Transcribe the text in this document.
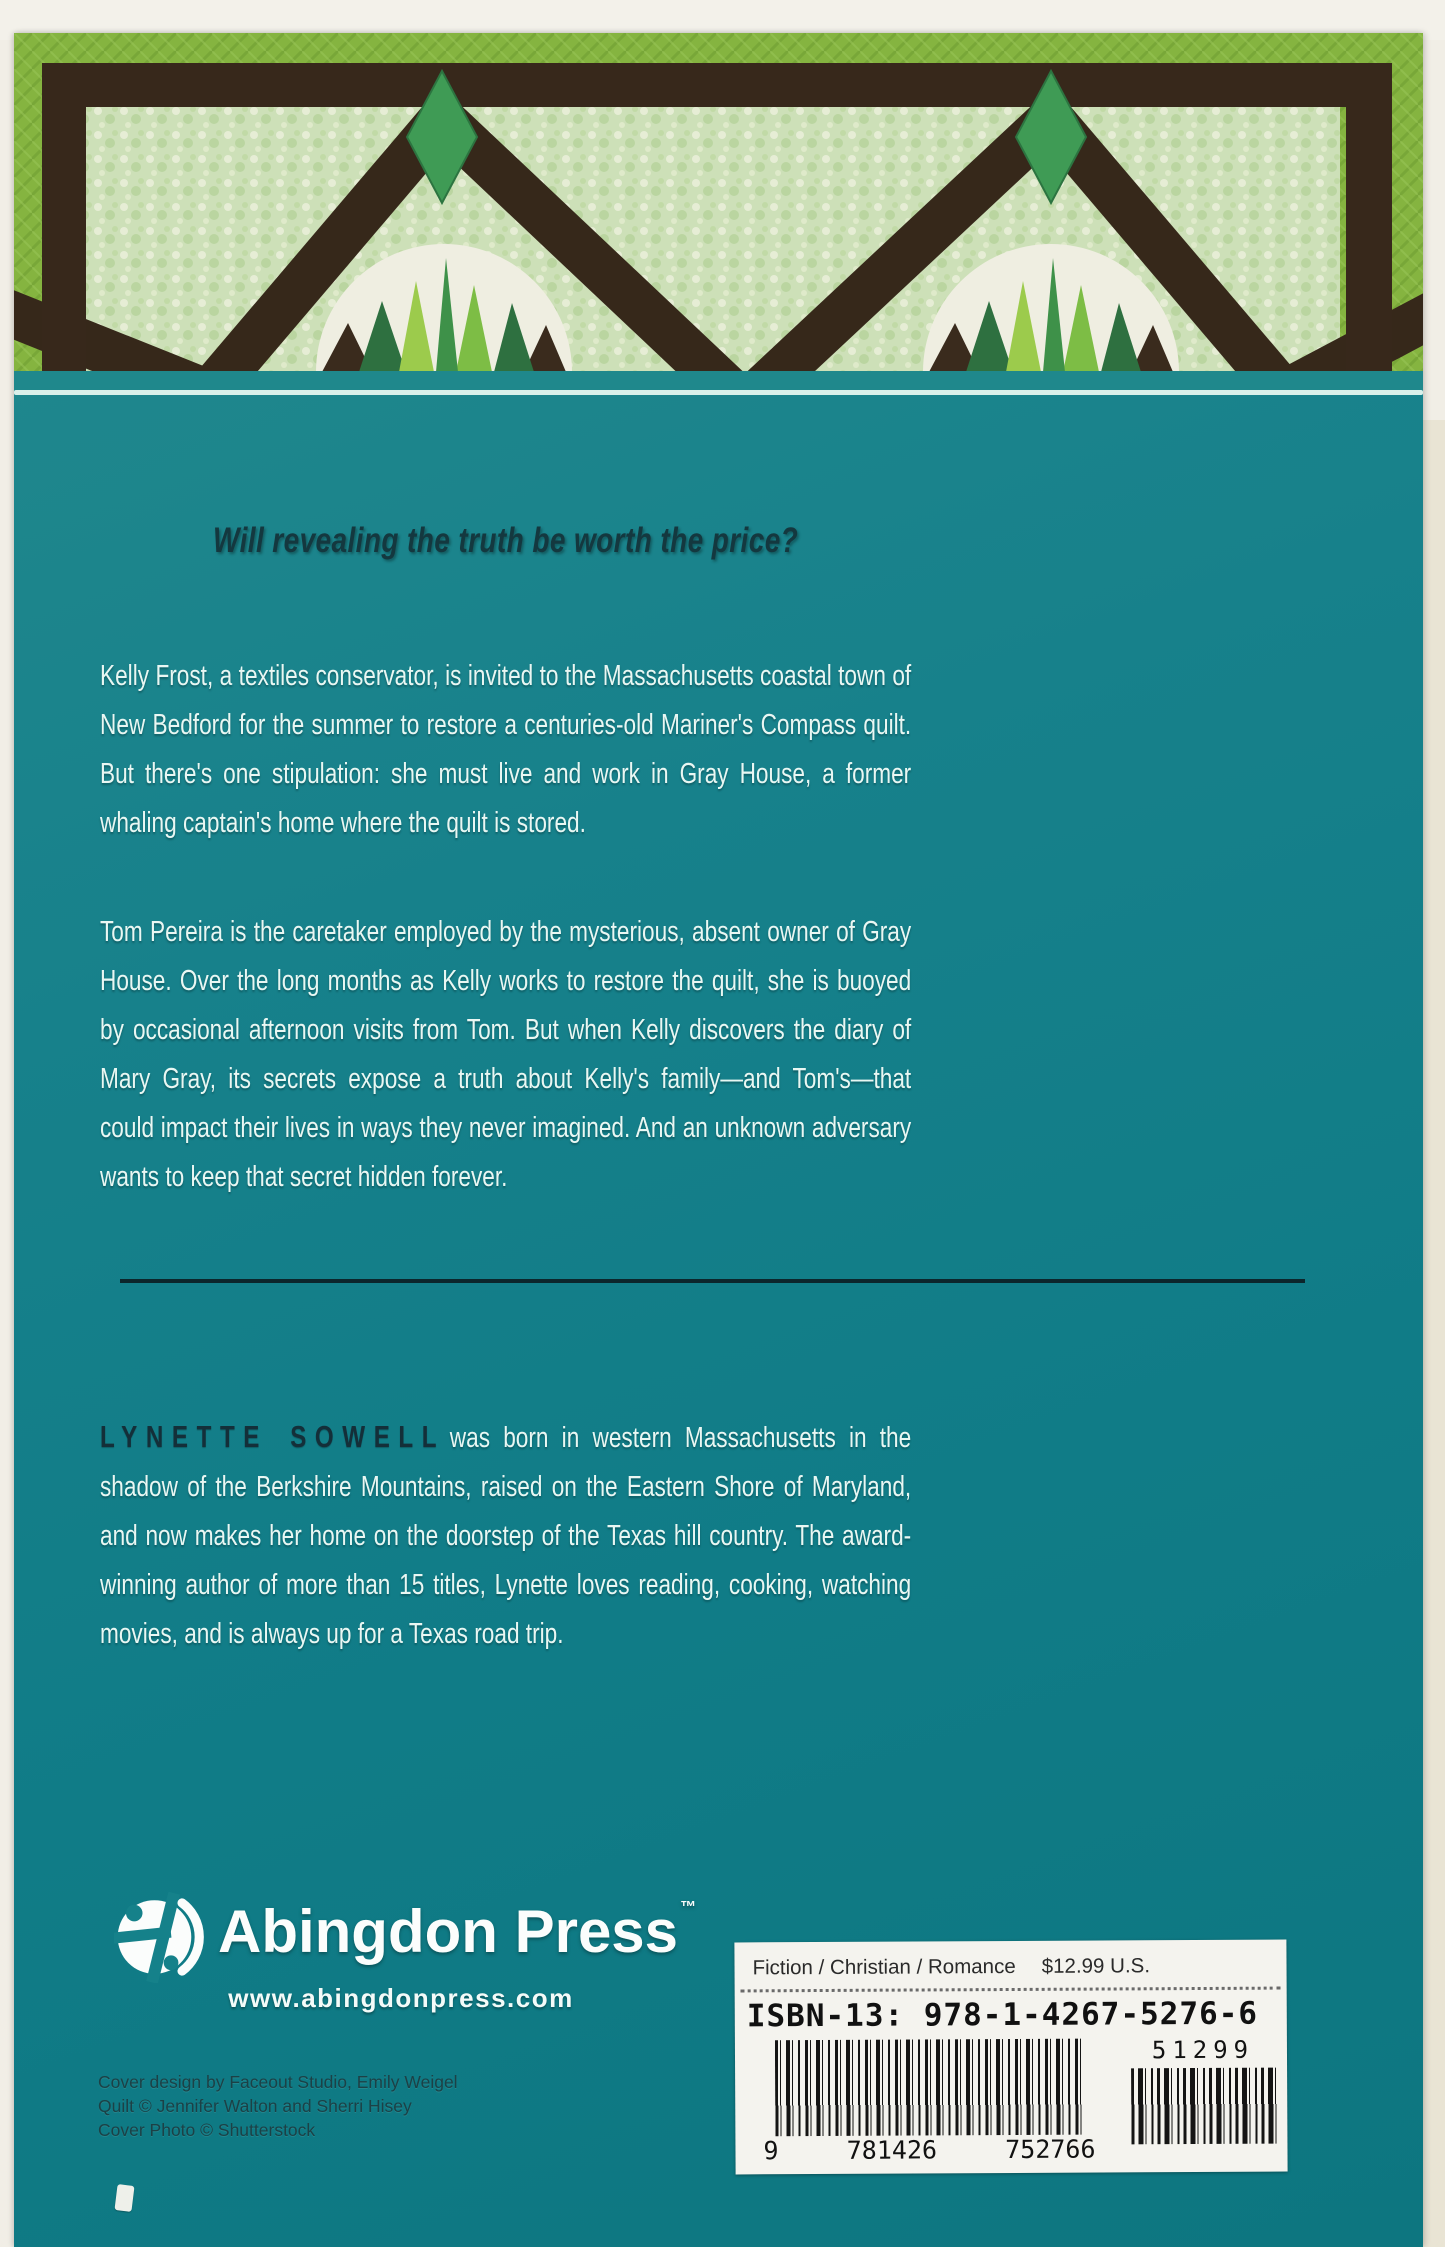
Will revealing the truth be worth the price?

Kelly Frost, a textiles conservator, is invited to the Massachusetts coastal town of New Bedford for the summer to restore a centuries-old Mariner's Compass quilt. But there's one stipulation: she must live and work in Gray House, a former whaling captain's home where the quilt is stored.

Tom Pereira is the caretaker employed by the mysterious, absent owner of Gray House. Over the long months as Kelly works to restore the quilt, she is buoyed by occasional afternoon visits from Tom. But when Kelly discovers the diary of Mary Gray, its secrets expose a truth about Kelly's family—and Tom's—that could impact their lives in ways they never imagined. And an unknown adversary wants to keep that secret hidden forever.

LYNETTE SOWELL was born in western Massachusetts in the shadow of the Berkshire Mountains, raised on the Eastern Shore of Maryland, and now makes her home on the doorstep of the Texas hill country. The award-winning author of more than 15 titles, Lynette loves reading, cooking, watching movies, and is always up for a Texas road trip.

Abingdon Press ™
www.abingdonpress.com
Cover design by Faceout Studio, Emily Weigel
Quilt © Jennifer Walton and Sherri Hisey
Cover Photo © Shutterstock
Fiction / Christian / Romance $12.99 U.S.
ISBN-13: 978-1-4267-5276-6
9	781426	752766
51299
